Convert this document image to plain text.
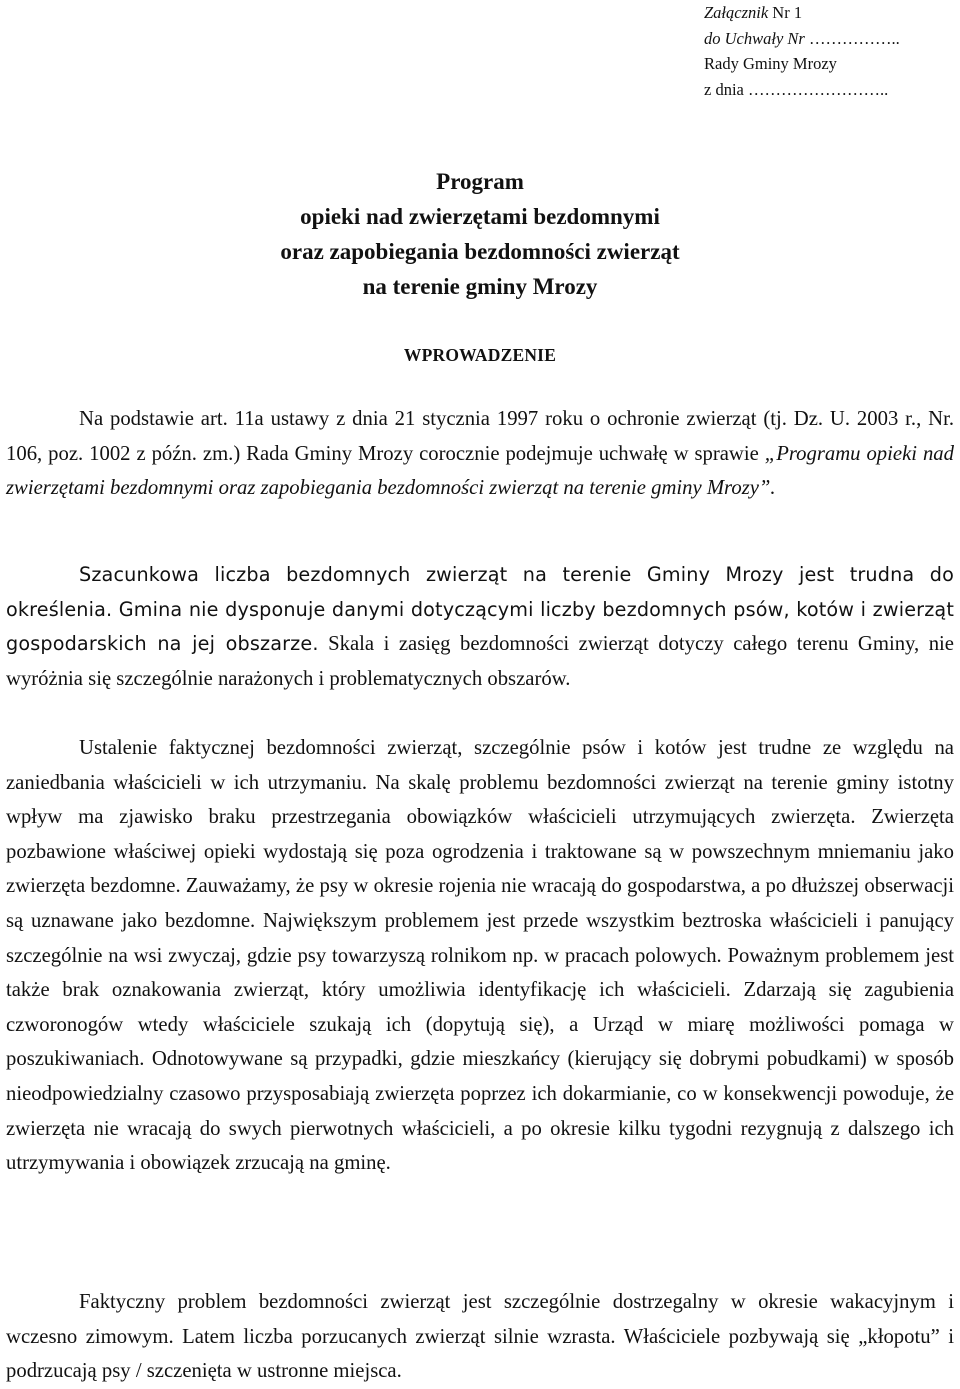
Załącznik Nr 1
do Uchwały Nr ……………..
Rady Gminy Mrozy
z dnia ……………………..
Program
opieki nad zwierzętami bezdomnymi
oraz zapobiegania bezdomności zwierząt
na terenie gminy Mrozy
WPROWADZENIE

Na podstawie art. 11a ustawy z dnia 21 stycznia 1997 roku o ochronie zwierząt (tj. Dz. U. 2003 r., Nr. 106, poz. 1002 z późn. zm.) Rada Gminy Mrozy corocznie podejmuje uchwałę w sprawie „Programu opieki nad zwierzętami bezdomnymi oraz zapobiegania bezdomności zwierząt na terenie gminy Mrozy”.

Szacunkowa liczba bezdomnych zwierząt na terenie Gminy Mrozy jest trudna do określenia. Gmina nie dysponuje danymi dotyczącymi liczby bezdomnych psów, kotów i zwierząt gospodarskich na jej obszarze. Skala i zasięg bezdomności zwierząt dotyczy całego terenu Gminy, nie wyróżnia się szczególnie narażonych i problematycznych obszarów.

Ustalenie faktycznej bezdomności zwierząt, szczególnie psów i kotów jest trudne ze względu na zaniedbania właścicieli w ich utrzymaniu. Na skalę problemu bezdomności zwierząt na terenie gminy istotny wpływ ma zjawisko braku przestrzegania obowiązków właścicieli utrzymujących zwierzęta. Zwierzęta pozbawione właściwej opieki wydostają się poza ogrodzenia i traktowane są w powszechnym mniemaniu jako zwierzęta bezdomne. Zauważamy, że psy w okresie rojenia nie wracają do gospodarstwa, a po dłuższej obserwacji są uznawane jako bezdomne. Największym problemem jest przede wszystkim beztroska właścicieli i panujący szczególnie na wsi zwyczaj, gdzie psy towarzyszą rolnikom np. w pracach polowych. Poważnym problemem jest także brak oznakowania zwierząt, który umożliwia identyfikację ich właścicieli. Zdarzają się zagubienia czworonogów wtedy właściciele szukają ich (dopytują się), a Urząd w miarę możliwości pomaga w poszukiwaniach. Odnotowywane są przypadki, gdzie mieszkańcy (kierujący się dobrymi pobudkami) w sposób nieodpowiedzialny czasowo przysposabiają zwierzęta poprzez ich dokarmianie, co w konsekwencji powoduje, że zwierzęta nie wracają do swych pierwotnych właścicieli, a po okresie kilku tygodni rezygnują z dalszego ich utrzymywania i obowiązek zrzucają na gminę.

Faktyczny problem bezdomności zwierząt jest szczególnie dostrzegalny w okresie wakacyjnym i wczesno zimowym. Latem liczba porzucanych zwierząt silnie wzrasta. Właściciele pozbywają się „kłopotu” i podrzucają psy / szczenięta w ustronne miejsca.
